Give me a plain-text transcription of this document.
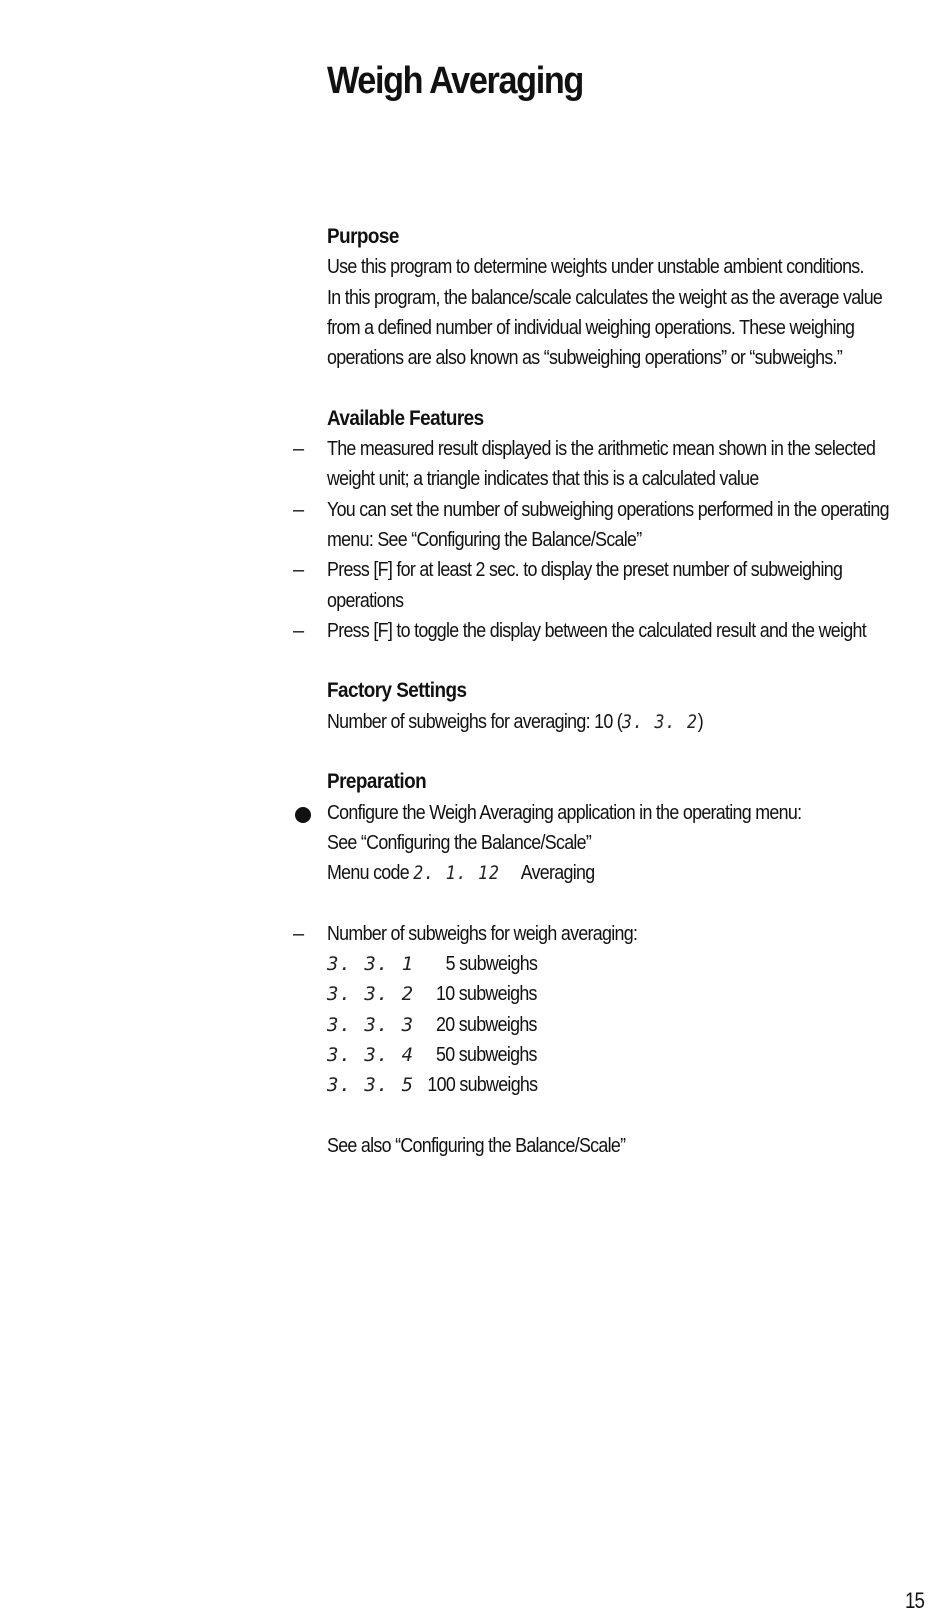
Weigh Averaging
Purpose
Use this program to determine weights under unstable ambient conditions.
In this program, the balance/scale calculates the weight as the average value
from a defined number of individual weighing operations. These weighing
operations are also known as “subweighing operations” or “subweighs.”
Available Features
–	The measured result displayed is the arithmetic mean shown in the selected
weight unit; a triangle indicates that this is a calculated value
–	You can set the number of subweighing operations performed in the operating
menu: See “Configuring the Balance/Scale”
–	Press [F] for at least 2 sec. to display the preset number of subweighing
operations
–	Press [F] to toggle the display between the calculated result and the weight
Factory Settings
Number of subweighs for averaging: 10 (3. 3. 2)
Preparation
Configure the Weigh Averaging application in the operating menu:
See “Configuring the Balance/Scale”
Menu code 2. 1. 12 Averaging
–	Number of subweighs for weigh averaging:
3. 3. 1 5 subweighs
3. 3. 2 10 subweighs
3. 3. 3 20 subweighs
3. 3. 4 50 subweighs
3. 3. 5 100 subweighs
See also “Configuring the Balance/Scale”
15
